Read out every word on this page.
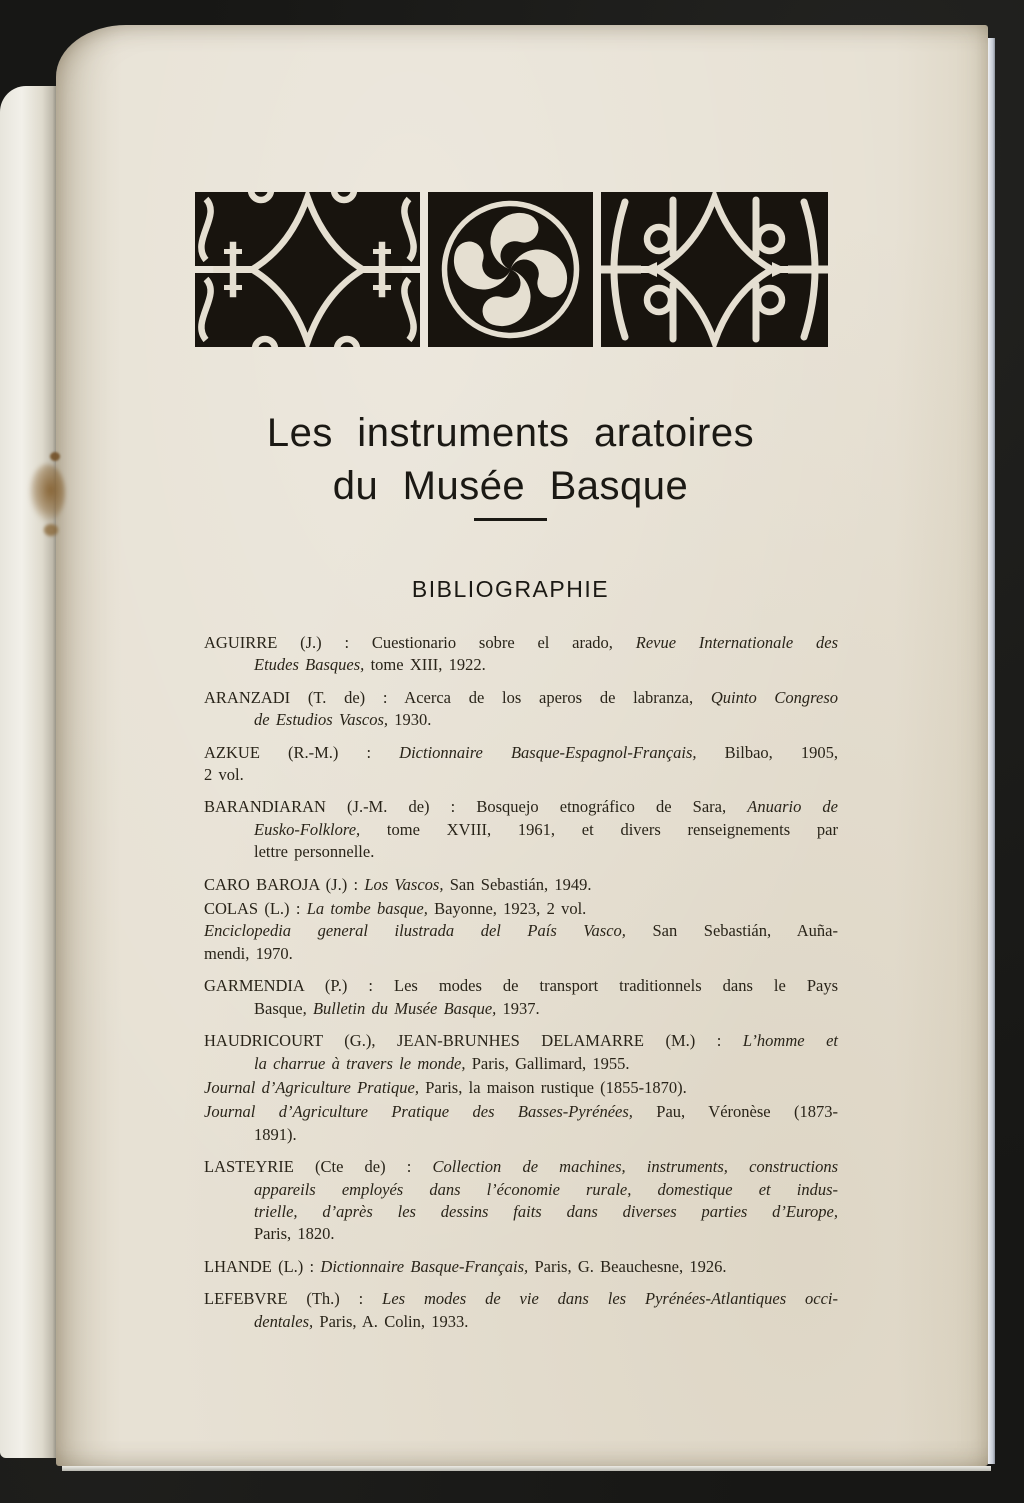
Les instruments aratoires
du Musée Basque
BIBLIOGRAPHIE
AGUIRRE (J.) : Cuestionario sobre el arado, Revue Internationale des
Etudes Basques, tome XIII, 1922.
ARANZADI (T. de) : Acerca de los aperos de labranza, Quinto Congreso
de Estudios Vascos, 1930.
AZKUE (R.-M.) : Dictionnaire Basque-Espagnol-Français, Bilbao, 1905,
2 vol.
BARANDIARAN (J.-M. de) : Bosquejo etnográfico de Sara, Anuario de
Eusko-Folklore, tome XVIII, 1961, et divers renseignements par
lettre personnelle.
CARO BAROJA (J.) : Los Vascos, San Sebastián, 1949.
COLAS (L.) : La tombe basque, Bayonne, 1923, 2 vol.
Enciclopedia general ilustrada del País Vasco, San Sebastián, Auña-
mendi, 1970.
GARMENDIA (P.) : Les modes de transport traditionnels dans le Pays
Basque, Bulletin du Musée Basque, 1937.
HAUDRICOURT (G.), JEAN-BRUNHES DELAMARRE (M.) : L’homme et
la charrue à travers le monde, Paris, Gallimard, 1955.
Journal d’Agriculture Pratique, Paris, la maison rustique (1855-1870).
Journal d’Agriculture Pratique des Basses-Pyrénées, Pau, Véronèse (1873-
1891).
LASTEYRIE (Cte de) : Collection de machines, instruments, constructions
appareils employés dans l’économie rurale, domestique et indus-
trielle, d’après les dessins faits dans diverses parties d’Europe,
Paris, 1820.
LHANDE (L.) : Dictionnaire Basque-Français, Paris, G. Beauchesne, 1926.
LEFEBVRE (Th.) : Les modes de vie dans les Pyrénées-Atlantiques occi-
dentales, Paris, A. Colin, 1933.
